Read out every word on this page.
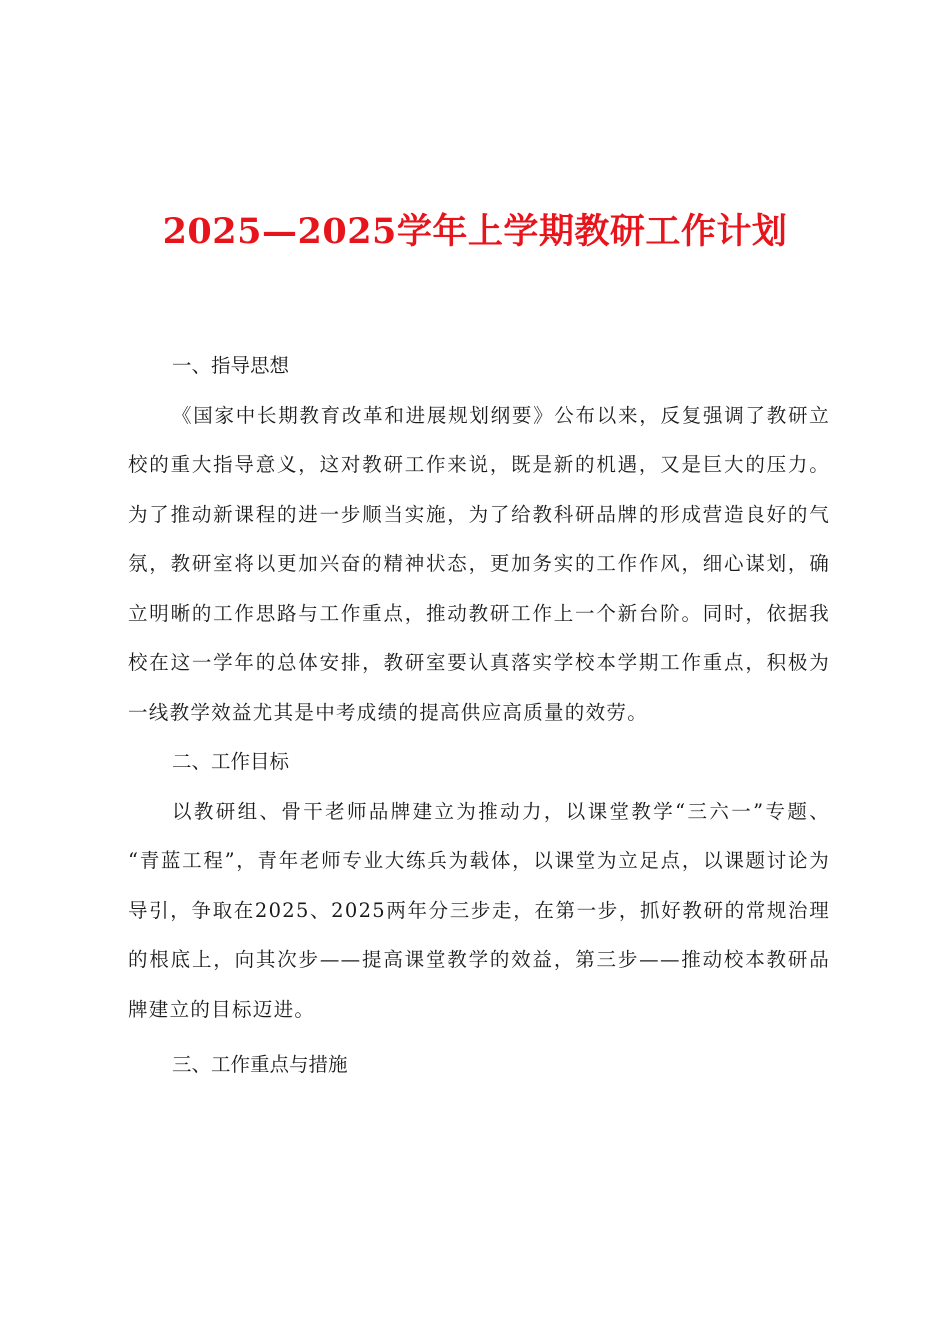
2025—2025学年上学期教研工作计划

一、指导思想

《国家中长期教育改革和进展规划纲要》公布以来，反复强调了教研立校的重大指导意义，这对教研工作来说，既是新的机遇，又是巨大的压力。为了推动新课程的进一步顺当实施，为了给教科研品牌的形成营造良好的气氛，教研室将以更加兴奋的精神状态，更加务实的工作作风，细心谋划，确立明晰的工作思路与工作重点，推动教研工作上一个新台阶。同时，依据我校在这一学年的总体安排，教研室要认真落实学校本学期工作重点，积极为一线教学效益尤其是中考成绩的提高供应高质量的效劳。

二、工作目标

以教研组、骨干老师品牌建立为推动力，以课堂教学“三六一”专题、 “青蓝工程”，青年老师专业大练兵为载体，以课堂为立足点，以课题讨论为导引，争取在2025、2025两年分三步走，在第一步，抓好教研的常规治理的根底上，向其次步——提高课堂教学的效益，第三步——推动校本教研品牌建立的目标迈进。

三、工作重点与措施
